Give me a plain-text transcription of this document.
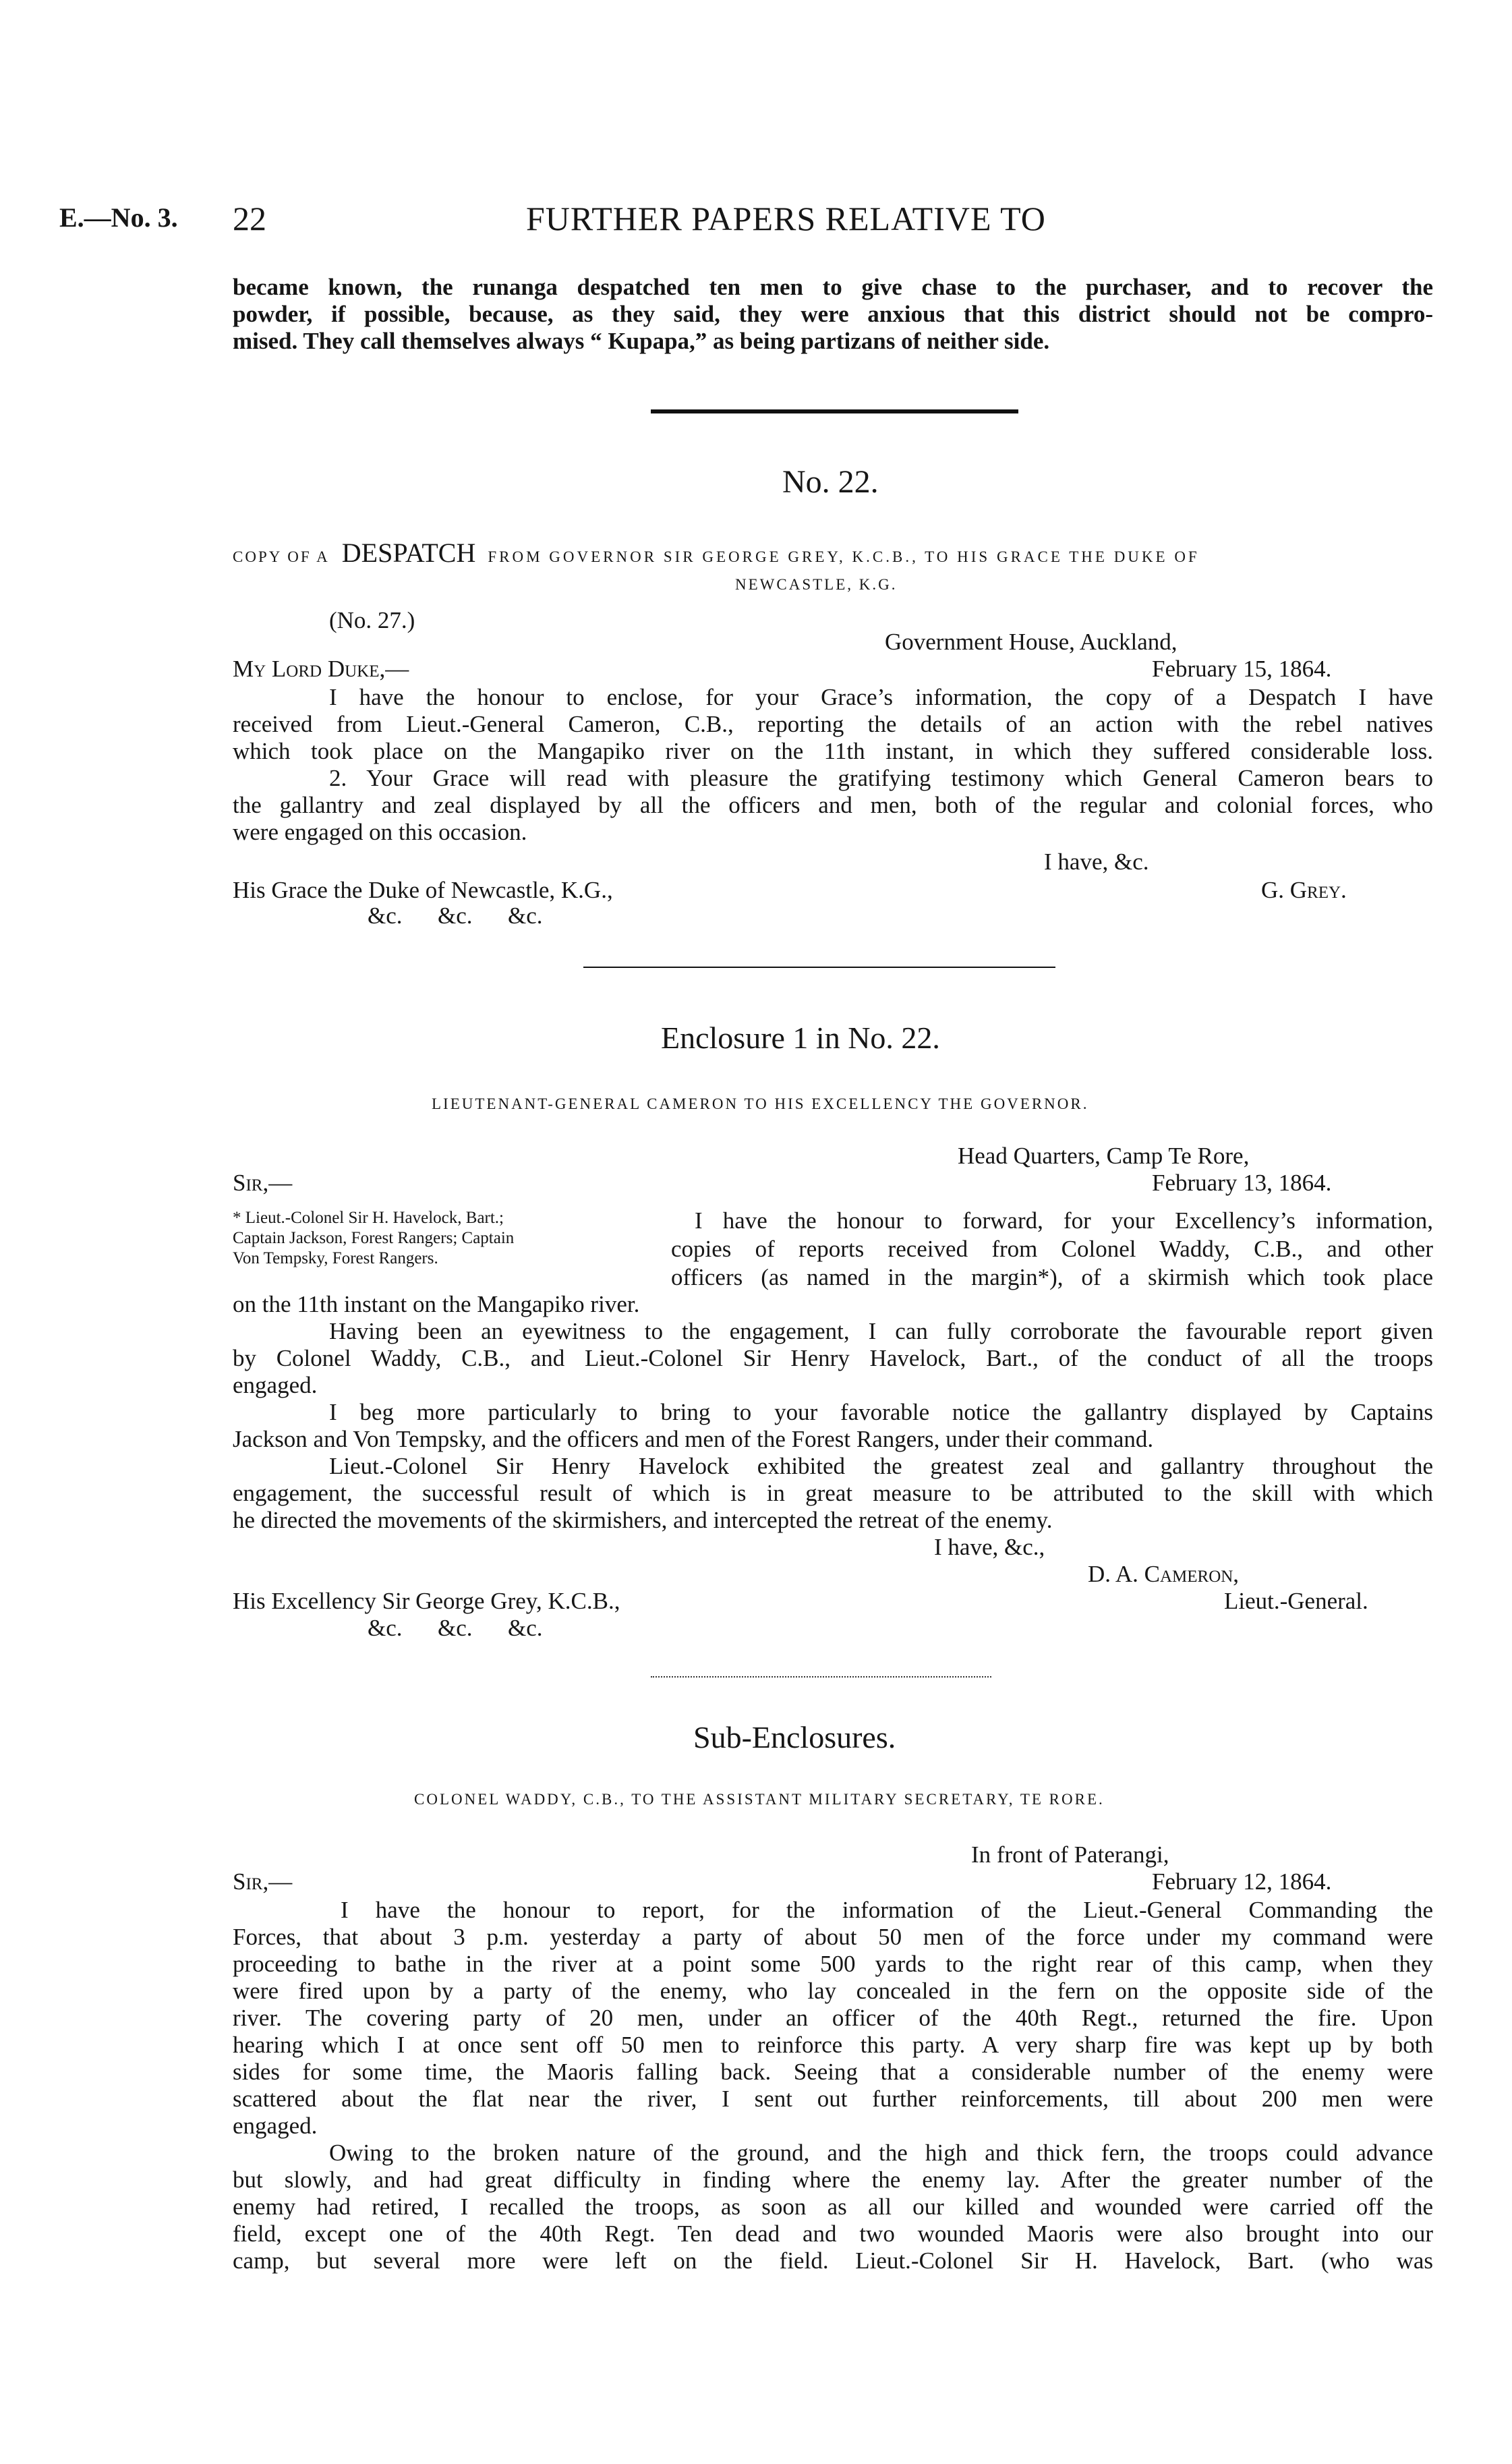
E.—No. 3. 22	FURTHER PAPERS RELATIVE TO
became known, the runanga despatched ten men to give chase to the purchaser, and to recover the
powder, if possible, because, as they said, they were anxious that this district should not be compro-
mised. They call themselves always “ Kupapa,” as being partizans of neither side.
No. 22.
COPY OF A DESPATCH FROM GOVERNOR SIR GEORGE GREY, K.C.B., TO HIS GRACE THE DUKE OF
NEWCASTLE, K.G.
(No. 27.)
Government House, Auckland,
My Lord Duke,—	February 15, 1864.
I have the honour to enclose, for your Grace’s information, the copy of a Despatch I have
received from Lieut.-General Cameron, C.B., reporting the details of an action with the rebel natives
which took place on the Mangapiko river on the 11th instant, in which they suffered considerable loss.
2. Your Grace will read with pleasure the gratifying testimony which General Cameron bears to
the gallantry and zeal displayed by all the officers and men, both of the regular and colonial forces, who
were engaged on this occasion.
I have, &c.
His Grace the Duke of Newcastle, K.G.,	G. Grey.
&c.      &c.      &c.
Enclosure 1 in No. 22.
LIEUTENANT-GENERAL CAMERON TO HIS EXCELLENCY THE GOVERNOR.
Head Quarters, Camp Te Rore,
Sir,—	February 13, 1864.
* Lieut.-Colonel Sir H. Havelock, Bart.;
Captain Jackson, Forest Rangers; Captain
Von Tempsky, Forest Rangers.
I have the honour to forward, for your Excellency’s information,
copies of reports received from Colonel Waddy, C.B., and other
officers (as named in the margin*), of a skirmish which took place
on the 11th instant on the Mangapiko river.
Having been an eyewitness to the engagement, I can fully corroborate the favourable report given
by Colonel Waddy, C.B., and Lieut.-Colonel Sir Henry Havelock, Bart., of the conduct of all the troops
engaged.
I beg more particularly to bring to your favorable notice the gallantry displayed by Captains
Jackson and Von Tempsky, and the officers and men of the Forest Rangers, under their command.
Lieut.-Colonel Sir Henry Havelock exhibited the greatest zeal and gallantry throughout the
engagement, the successful result of which is in great measure to be attributed to the skill with which
he directed the movements of the skirmishers, and intercepted the retreat of the enemy.
I have, &c.,
D. A. Cameron,
His Excellency Sir George Grey, K.C.B.,	Lieut.-General.
&c.      &c.      &c.
Sub-Enclosures.
COLONEL WADDY, C.B., TO THE ASSISTANT MILITARY SECRETARY, TE RORE.
In front of Paterangi,
Sir,—	February 12, 1864.
I have the honour to report, for the information of the Lieut.-General Commanding the
Forces, that about 3 p.m. yesterday a party of about 50 men of the force under my command were
proceeding to bathe in the river at a point some 500 yards to the right rear of this camp, when they
were fired upon by a party of the enemy, who lay concealed in the fern on the opposite side of the
river. The covering party of 20 men, under an officer of the 40th Regt., returned the fire. Upon
hearing which I at once sent off 50 men to reinforce this party. A very sharp fire was kept up by both
sides for some time, the Maoris falling back. Seeing that a considerable number of the enemy were
scattered about the flat near the river, I sent out further reinforcements, till about 200 men were
engaged.
Owing to the broken nature of the ground, and the high and thick fern, the troops could advance
but slowly, and had great difficulty in finding where the enemy lay. After the greater number of the
enemy had retired, I recalled the troops, as soon as all our killed and wounded were carried off the
field, except one of the 40th Regt. Ten dead and two wounded Maoris were also brought into our
camp, but several more were left on the field. Lieut.-Colonel Sir H. Havelock, Bart. (who was
